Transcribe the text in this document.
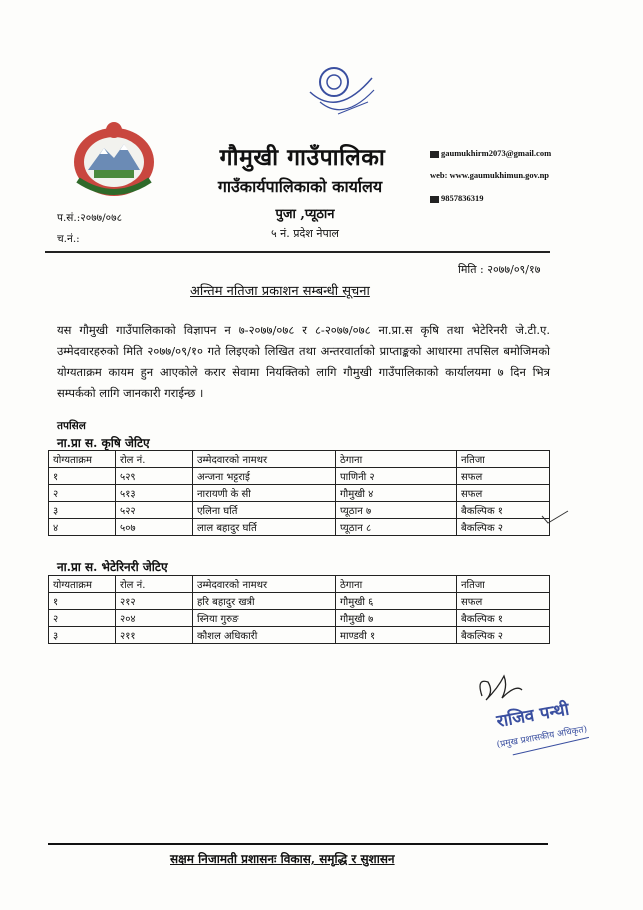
गौमुखी गाउँपालिका
गाउँकार्यपालिकाको कार्यालय
पुजा ,प्यूठान
५ नं. प्रदेश नेपाल
gaumukhirm2073@gmail.com
web: www.gaumukhimun.gov.np
9857836319
प.सं.:२०७७/०७८
च.नं.:
मिति : २०७७/०९/१७
अन्तिम नतिजा प्रकाशन सम्बन्धी सूचना
यस गौमुखी गाउँपालिकाको विज्ञापन न ७-२०७७/०७८ र ८-२०७७/०७८ ना.प्रा.स कृषि तथा भेटेरिनरी जे.टी.ए. उम्मेदवारहरुको मिति २०७७/०९/१० गते लिइएको लिखित तथा अन्तरवार्ताको प्राप्ताङ्कको आधारमा तपसिल बमोजिमको योग्यताक्रम कायम हुन आएकोले करार सेवामा नियक्तिको लागि गौमुखी गाउँपालिकाको कार्यालयमा ७ दिन भित्र सम्पर्कको लागि जानकारी गराईन्छ ।
तपसिल
ना.प्रा स. कृषि जेटिए
योग्यताक्रम	रोल नं.	उम्मेदवारको नामथर	ठेगाना	नतिजा
१	५२९	अन्जना भट्टराई	पाणिनी २	सफल
२	५१३	नारायणी के सी	गौमुखी ४	सफल
३	५२२	एलिना घर्ति	प्यूठान ७	बैकल्पिक १
४	५०७	लाल बहादुर घर्ति	प्यूठान ८	बैकल्पिक २
ना.प्रा स. भेटेरिनरी जेटिए
योग्यताक्रम	रोल नं.	उम्मेदवारको नामथर	ठेगाना	नतिजा
१	२१२	हरि बहादुर खत्री	गौमुखी ६	सफल
२	२०४	स्निया गुरुङ	गौमुखी ७	बैकल्पिक १
३	२११	कौशल अधिकारी	माण्डवी १	बैकल्पिक २
राजिव पन्थी
(प्रमुख प्रशासकीय अधिकृत)
सक्षम निजामती प्रशासनः विकास, समृद्धि र सुशासन
